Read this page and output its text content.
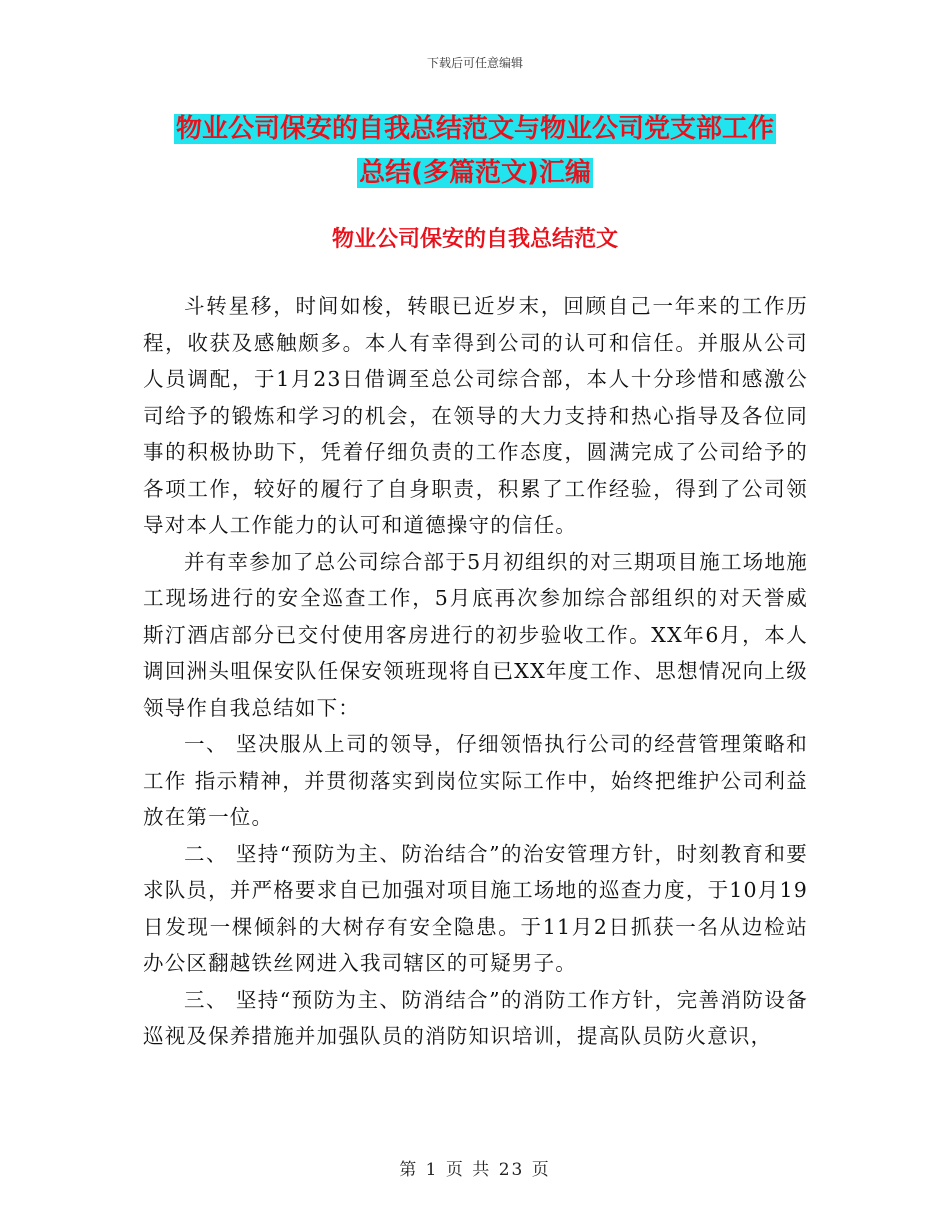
下载后可任意编辑
物业公司保安的自我总结范文与物业公司党支部工作
总结(多篇范文)汇编
物业公司保安的自我总结范文

斗转星移，时间如梭，转眼已近岁末，回顾自己一年来的工作历程，收获及感触颇多。本人有幸得到公司的认可和信任。并服从公司人员调配，于1月23日借调至总公司综合部，本人十分珍惜和感激公司给予的锻炼和学习的机会，在领导的大力支持和热心指导及各位同事的积极协助下，凭着仔细负责的工作态度，圆满完成了公司给予的各项工作，较好的履行了自身职责，积累了工作经验，得到了公司领导对本人工作能力的认可和道德操守的信任。

并有幸参加了总公司综合部于5月初组织的对三期项目施工场地施工现场进行的安全巡查工作，5月底再次参加综合部组织的对天誉威斯汀酒店部分已交付使用客房进行的初步验收工作。XX年6月，本人调回洲头咀保安队任保安领班现将自已XX年度工作、思想情况向上级领导作自我总结如下：

一、 坚决服从上司的领导，仔细领悟执行公司的经营管理策略和工作 指示精神，并贯彻落实到岗位实际工作中，始终把维护公司利益放在第一位。

二、 坚持“预防为主、防治结合”的治安管理方针，时刻教育和要求队员，并严格要求自已加强对项目施工场地的巡查力度，于10月19日发现一棵倾斜的大树存有安全隐患。于11月2日抓获一名从边检站办公区翻越铁丝网进入我司辖区的可疑男子。

三、 坚持“预防为主、防消结合”的消防工作方针，完善消防设备巡视及保养措施并加强队员的消防知识培训，提高队员防火意识，

第 1 页 共 23 页
